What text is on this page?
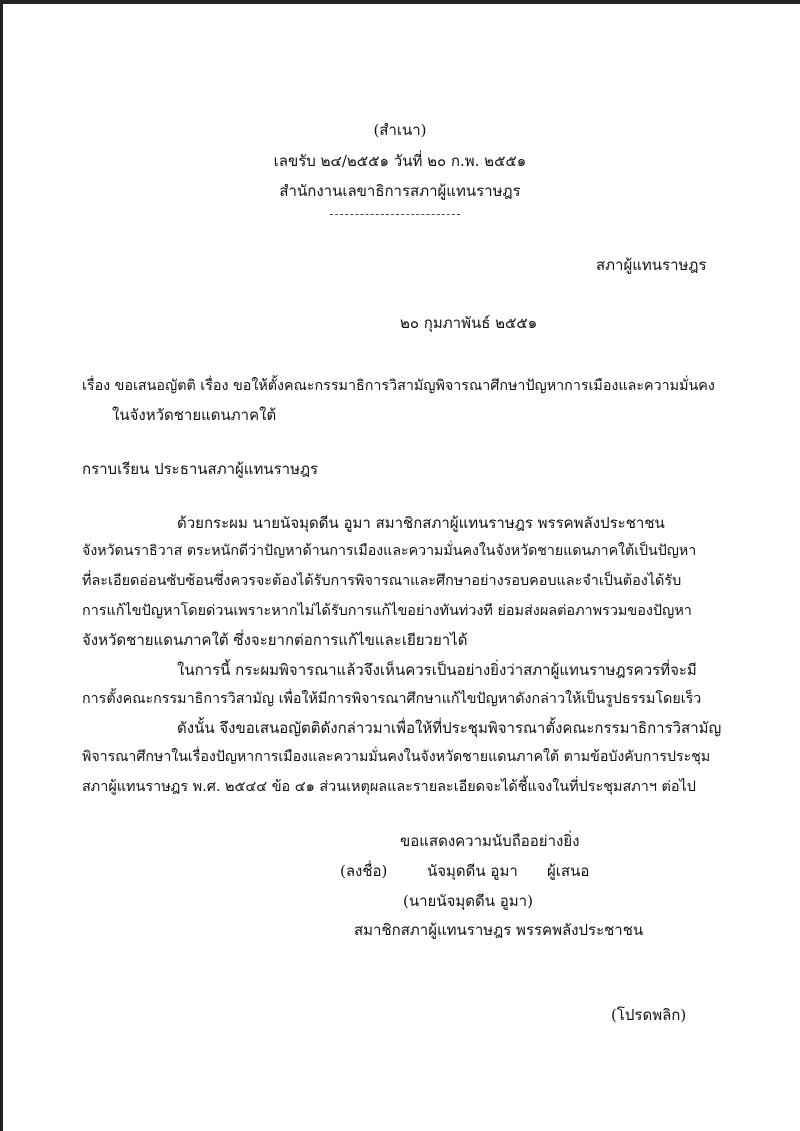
(สำเนา)
เลขรับ ๒๔/๒๕๕๑ วันที่ ๒๐ ก.พ. ๒๕๕๑
สำนักงานเลขาธิการสภาผู้แทนราษฎร
สภาผู้แทนราษฎร
๒๐ กุมภาพันธ์ ๒๕๕๑
เรื่อง ขอเสนอญัตติ เรื่อง ขอให้ตั้งคณะกรรมาธิการวิสามัญพิจารณาศึกษาปัญหาการเมืองและความมั่นคง
ในจังหวัดชายแดนภาคใต้
กราบเรียน ประธานสภาผู้แทนราษฎร
ด้วยกระผม นายนัจมุดดีน อูมา สมาชิกสภาผู้แทนราษฎร พรรคพลังประชาชน
จังหวัดนราธิวาส ตระหนักดีว่าปัญหาด้านการเมืองและความมั่นคงในจังหวัดชายแดนภาคใต้เป็นปัญหา
ที่ละเอียดอ่อนซับซ้อนซึ่งควรจะต้องได้รับการพิจารณาและศึกษาอย่างรอบคอบและจำเป็นต้องได้รับ
การแก้ไขปัญหาโดยด่วนเพราะหากไม่ได้รับการแก้ไขอย่างทันท่วงที ย่อมส่งผลต่อภาพรวมของปัญหา
จังหวัดชายแดนภาคใต้ ซึ่งจะยากต่อการแก้ไขและเยียวยาได้
ในการนี้ กระผมพิจารณาแล้วจึงเห็นควรเป็นอย่างยิ่งว่าสภาผู้แทนราษฎรควรที่จะมี
การตั้งคณะกรรมาธิการวิสามัญ เพื่อให้มีการพิจารณาศึกษาแก้ไขปัญหาดังกล่าวให้เป็นรูปธรรมโดยเร็ว
ดังนั้น จึงขอเสนอญัตติดังกล่าวมาเพื่อให้ที่ประชุมพิจารณาตั้งคณะกรรมาธิการวิสามัญ
พิจารณาศึกษาในเรื่องปัญหาการเมืองและความมั่นคงในจังหวัดชายแดนภาคใต้ ตามข้อบังคับการประชุม
สภาผู้แทนราษฎร พ.ศ. ๒๕๔๔ ข้อ ๔๑ ส่วนเหตุผลและรายละเอียดจะได้ชี้แจงในที่ประชุมสภาฯ ต่อไป
ขอแสดงความนับถืออย่างยิ่ง
(ลงชื่อ)	นัจมุดดีน อูมา ผู้เสนอ
(นายนัจมุดดีน อูมา)
สมาชิกสภาผู้แทนราษฎร พรรคพลังประชาชน
(โปรดพลิก)
